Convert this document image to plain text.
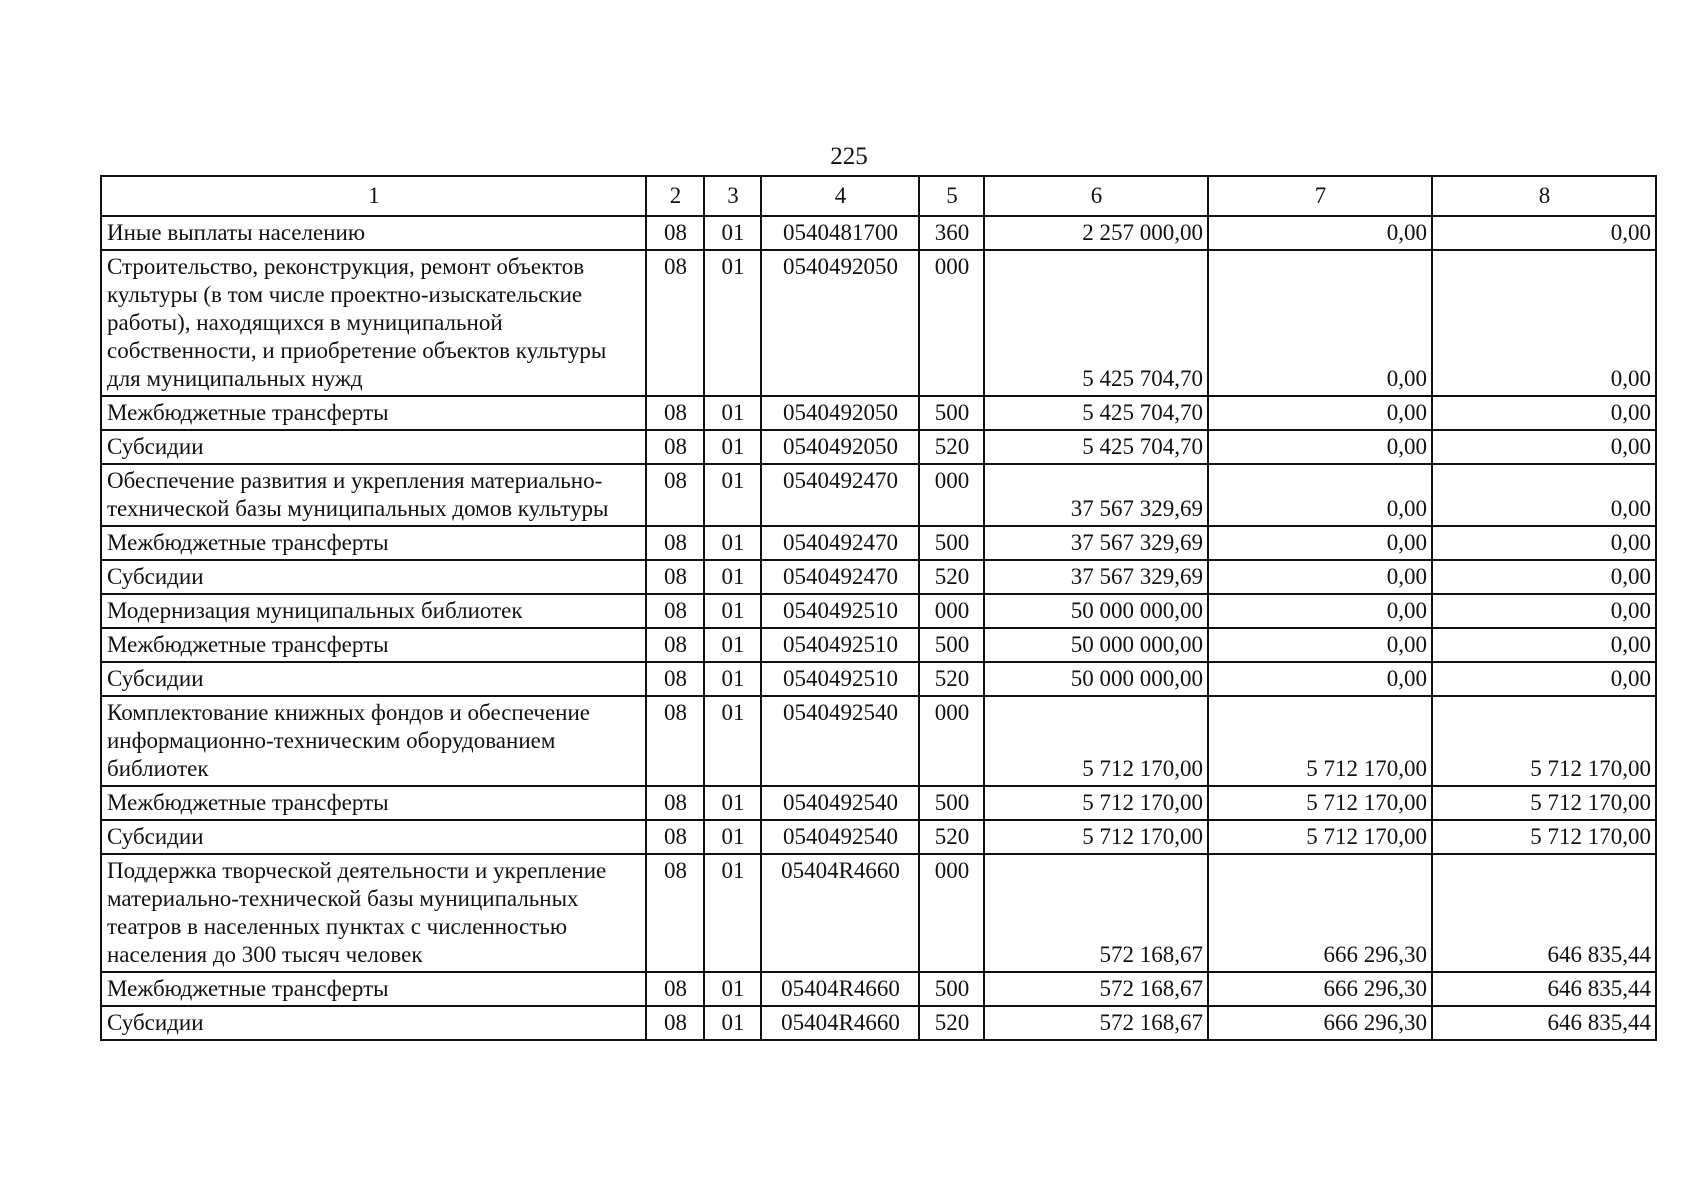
225
1	2	3	4	5	6	7	8
Иные выплаты населению	08	01	0540481700	360	2 257 000,00	0,00	0,00
Строительство, реконструкция, ремонт объектов культуры (в том числе проектно-изыскательские работы), находящихся в муниципальной собственности, и приобретение объектов культуры для муниципальных нужд	08	01	0540492050	000	5 425 704,70	0,00	0,00
Межбюджетные трансферты	08	01	0540492050	500	5 425 704,70	0,00	0,00
Субсидии	08	01	0540492050	520	5 425 704,70	0,00	0,00
Обеспечение развития и укрепления материально-технической базы муниципальных домов культуры	08	01	0540492470	000	37 567 329,69	0,00	0,00
Межбюджетные трансферты	08	01	0540492470	500	37 567 329,69	0,00	0,00
Субсидии	08	01	0540492470	520	37 567 329,69	0,00	0,00
Модернизация муниципальных библиотек	08	01	0540492510	000	50 000 000,00	0,00	0,00
Межбюджетные трансферты	08	01	0540492510	500	50 000 000,00	0,00	0,00
Субсидии	08	01	0540492510	520	50 000 000,00	0,00	0,00
Комплектование книжных фондов и обеспечение информационно-техническим оборудованием библиотек	08	01	0540492540	000	5 712 170,00	5 712 170,00	5 712 170,00
Межбюджетные трансферты	08	01	0540492540	500	5 712 170,00	5 712 170,00	5 712 170,00
Субсидии	08	01	0540492540	520	5 712 170,00	5 712 170,00	5 712 170,00
Поддержка творческой деятельности и укрепление материально-технической базы муниципальных театров в населенных пунктах с численностью населения до 300 тысяч человек	08	01	05404R4660	000	572 168,67	666 296,30	646 835,44
Межбюджетные трансферты	08	01	05404R4660	500	572 168,67	666 296,30	646 835,44
Субсидии	08	01	05404R4660	520	572 168,67	666 296,30	646 835,44
